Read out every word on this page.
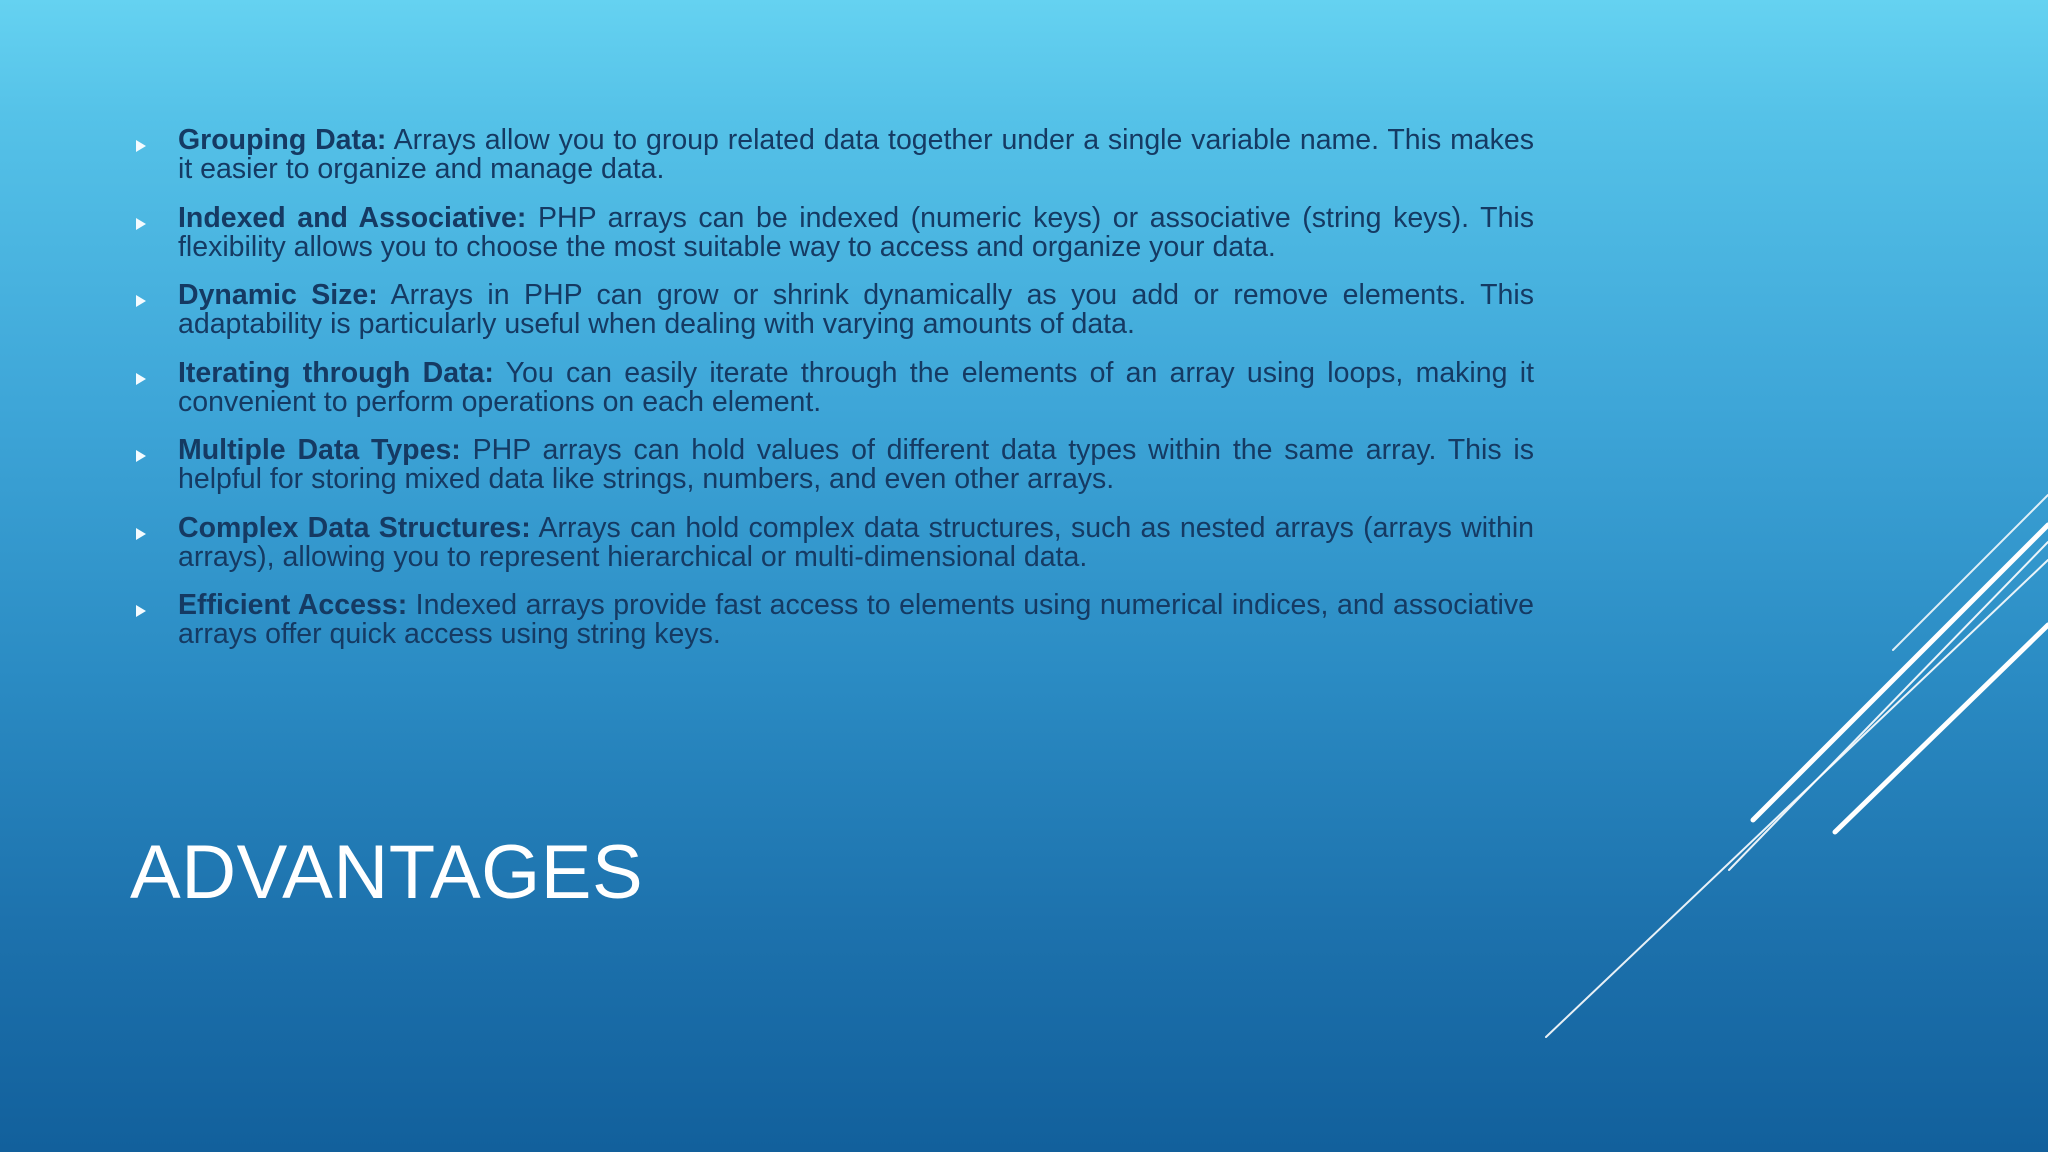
Grouping Data: Arrays allow you to group related data together under a single variable name. This makes it easier to organize and manage data.

Indexed and Associative: PHP arrays can be indexed (numeric keys) or associative (string keys). This flexibility allows you to choose the most suitable way to access and organize your data.

Dynamic Size: Arrays in PHP can grow or shrink dynamically as you add or remove elements. This adaptability is particularly useful when dealing with varying amounts of data.

Iterating through Data: You can easily iterate through the elements of an array using loops, making it convenient to perform operations on each element.

Multiple Data Types: PHP arrays can hold values of different data types within the same array. This is helpful for storing mixed data like strings, numbers, and even other arrays.

Complex Data Structures: Arrays can hold complex data structures, such as nested arrays (arrays within arrays), allowing you to represent hierarchical or multi-dimensional data.

Efficient Access: Indexed arrays provide fast access to elements using numerical indices, and associative arrays offer quick access using string keys.

ADVANTAGES
